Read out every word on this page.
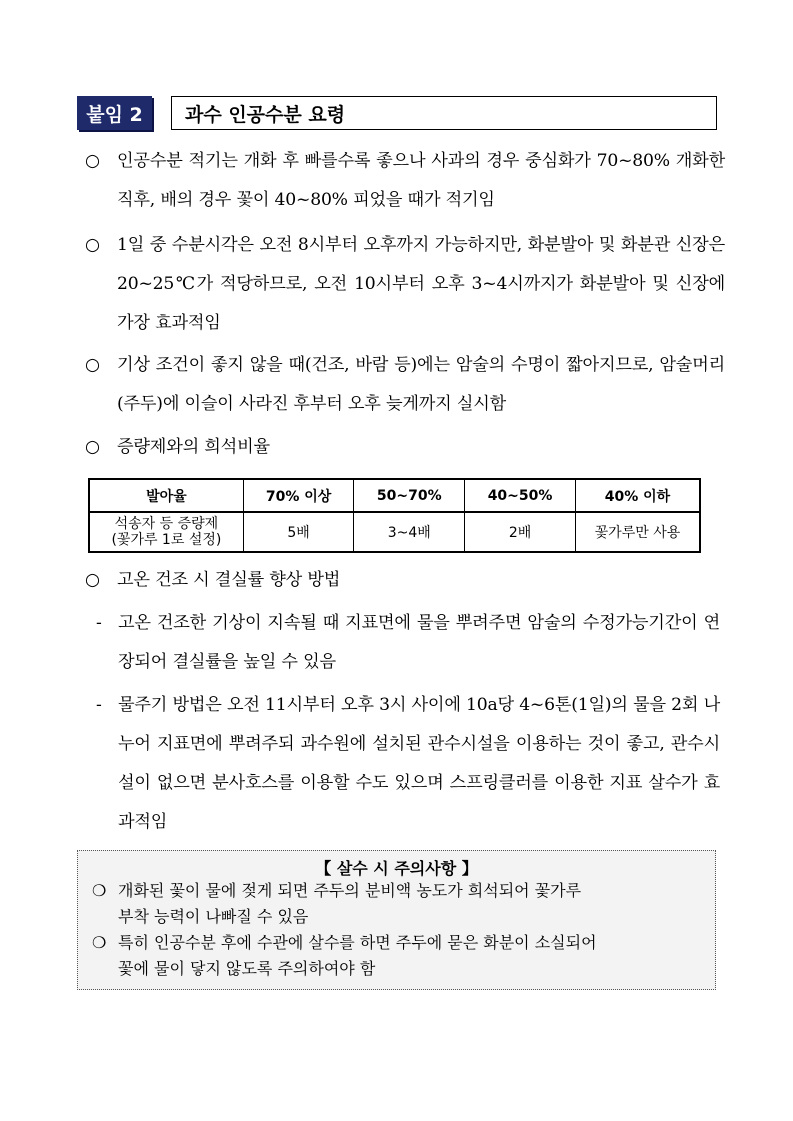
붙임 2	과수 인공수분 요령
○ 인공수분 적기는 개화 후 빠를수록 좋으나 사과의 경우 중심화가 70~80% 개화한 직후, 배의 경우 꽃이 40~80% 피었을 때가 적기임
○ 1일 중 수분시각은 오전 8시부터 오후까지 가능하지만, 화분발아 및 화분관 신장은 20~25℃가 적당하므로, 오전 10시부터 오후 3~4시까지가 화분발아 및 신장에 가장 효과적임
○ 기상 조건이 좋지 않을 때(건조, 바람 등)에는 암술의 수명이 짧아지므로, 암술머리(주두)에 이슬이 사라진 후부터 오후 늦게까지 실시함
○ 증량제와의 희석비율
발아율	70% 이상	50~70%	40~50%	40% 이하

석송자 등 증량제
(꽃가루 1로 설정)	5배	3~4배	2배	꽃가루만 사용
○ 고온 건조 시 결실률 향상 방법
- 고온 건조한 기상이 지속될 때 지표면에 물을 뿌려주면 암술의 수정가능기간이 연장되어 결실률을 높일 수 있음
- 물주기 방법은 오전 11시부터 오후 3시 사이에 10a당 4~6톤(1일)의 물을 2회 나누어 지표면에 뿌려주되 과수원에 설치된 관수시설을 이용하는 것이 좋고, 관수시설이 없으면 분사호스를 이용할 수도 있으며 스프링클러를 이용한 지표 살수가 효과적임
【 살수 시 주의사항 】
❍ 개화된 꽃이 물에 젖게 되면 주두의 분비액 농도가 희석되어 꽃가루
부착 능력이 나빠질 수 있음
❍ 특히 인공수분 후에 수관에 살수를 하면 주두에 묻은 화분이 소실되어
꽃에 물이 닿지 않도록 주의하여야 함
